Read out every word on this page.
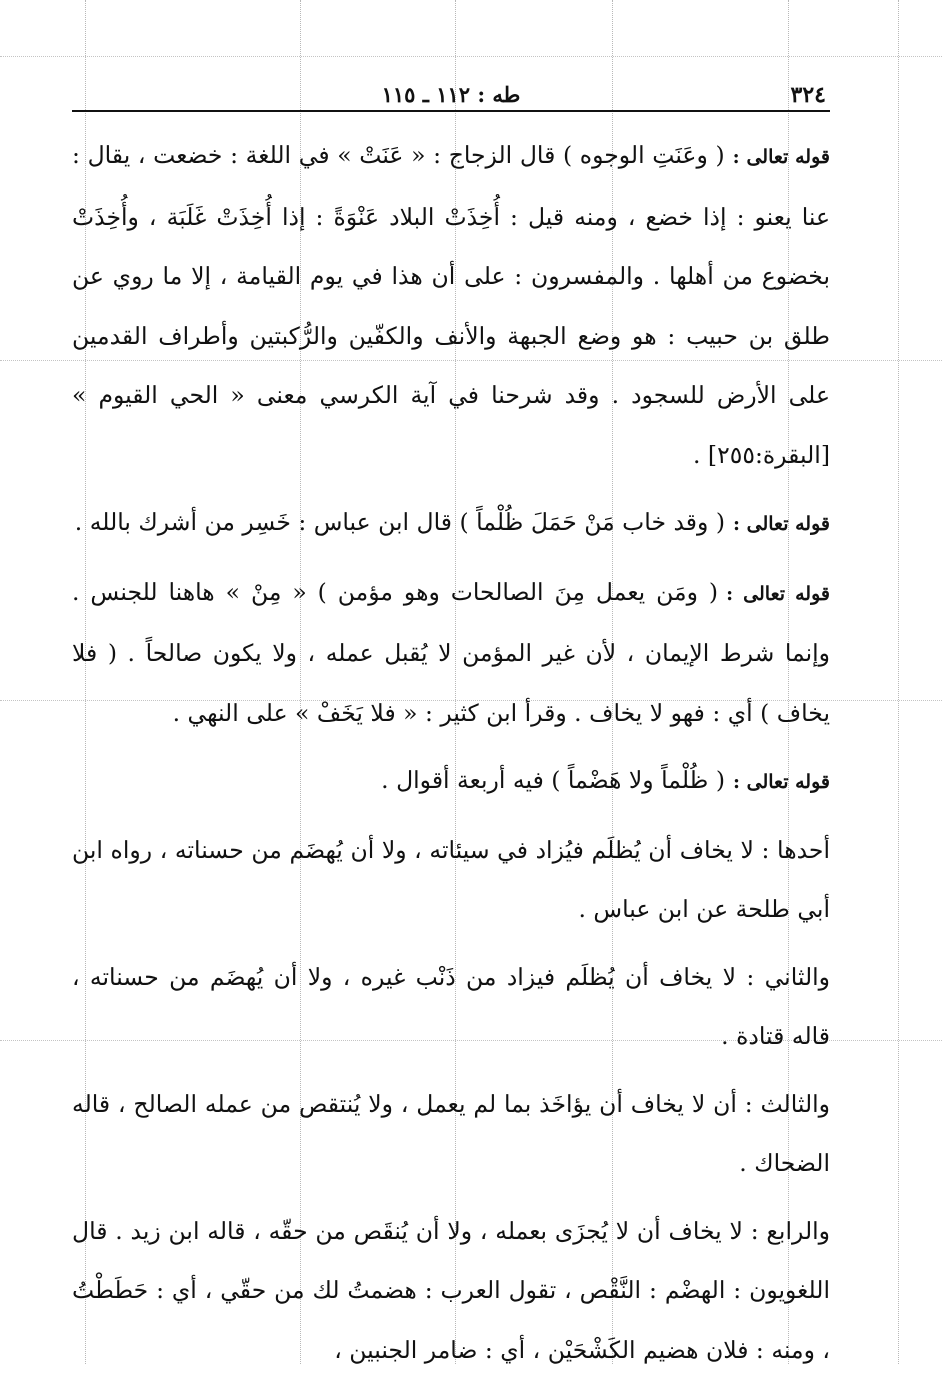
٣٢٤
طه : ١١٢ ـ ١١٥

قوله تعالى :( وعَنَتِ الوجوه ) قال الزجاج : « عَنَتْ » في اللغة : خضعت ، يقال : عنا يعنو : إذا خضع ، ومنه قيل : أُخِذَتْ البلاد عَنْوَةً : إذا أُخِذَتْ غَلَبَة ، وأُخِذَتْ بخضوع من أهلها . والمفسرون : على أن هذا في يوم القيامة ، إلا ما روي عن طلق بن حبيب : هو وضع الجبهة والأنف والكفّين والرُّكبتين وأطراف القدمين على الأرض للسجود . وقد شرحنا في آية الكرسي معنى « الحي القيوم » [البقرة:٢٥٥] .

قوله تعالى :( وقد خاب مَنْ حَمَلَ ظُلْماً ) قال ابن عباس : خَسِر من أشرك بالله .

قوله تعالى :( ومَن يعمل مِنَ الصالحات وهو مؤمن ) « مِنْ » هاهنا للجنس . وإنما شرط الإيمان ، لأن غير المؤمن لا يُقبل عمله ، ولا يكون صالحاً . ( فلا يخاف ) أي : فهو لا يخاف . وقرأ ابن كثير : « فلا يَخَفْ » على النهي .

قوله تعالى :( ظُلْماً ولا هَضْماً ) فيه أربعة أقوال .

أحدها : لا يخاف أن يُظلَم فيُزاد في سيئاته ، ولا أن يُهضَم من حسناته ، رواه ابن أبي طلحة عن ابن عباس .

والثاني : لا يخاف أن يُظلَم فيزاد من ذَنْب غيره ، ولا أن يُهضَم من حسناته ، قاله قتادة .

والثالث : أن لا يخاف أن يؤاخَذ بما لم يعمل ، ولا يُنتقص من عمله الصالح ، قاله الضحاك .

والرابع : لا يخاف أن لا يُجزَى بعمله ، ولا أن يُنقَص من حقّه ، قاله ابن زيد . قال اللغويون : الهضْم : النَّقْص ، تقول العرب : هضمتُ لك من حقّي ، أي : حَطَطْتُ ، ومنه : فلان هضيم الكَشْحَيْن ، أي : ضامر الجنبين ،
